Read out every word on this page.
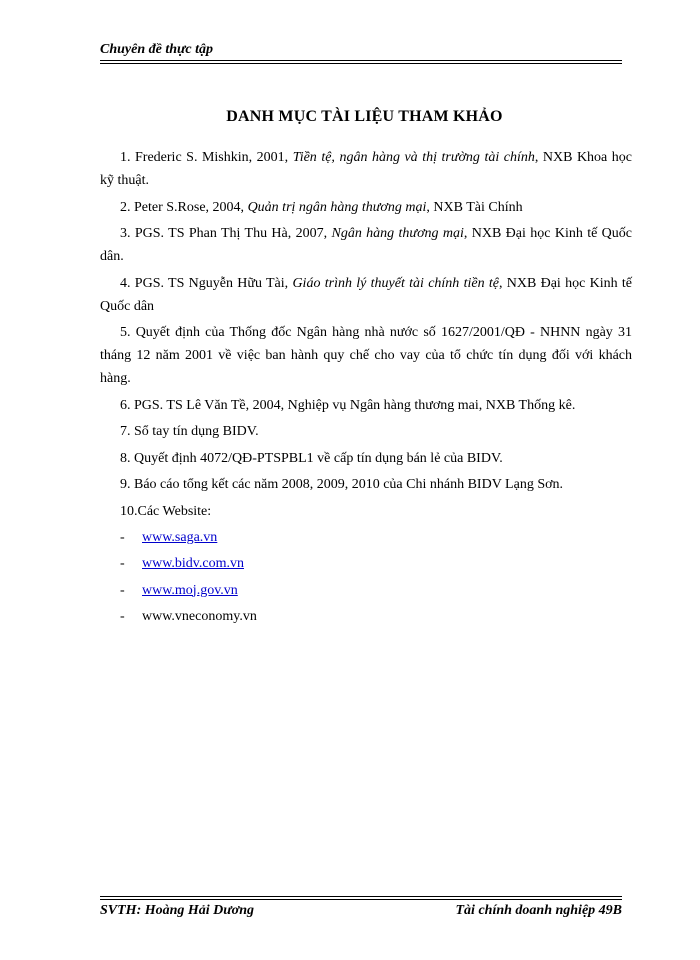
Chuyên đề thực tập
DANH MỤC TÀI LIỆU THAM KHẢO

1. Frederic S. Mishkin, 2001, Tiền tệ, ngân hàng và thị trường tài chính, NXB Khoa học kỹ thuật.

2. Peter S.Rose, 2004, Quản trị ngân hàng thương mại, NXB Tài Chính

3. PGS. TS Phan Thị Thu Hà, 2007, Ngân hàng thương mại, NXB Đại học Kinh tế Quốc dân.

4. PGS. TS Nguyễn Hữu Tài, Giáo trình lý thuyết tài chính tiền tệ, NXB Đại học Kinh tế Quốc dân

5. Quyết định của Thống đốc Ngân hàng nhà nước số 1627/2001/QĐ - NHNN ngày 31 tháng 12 năm 2001 về việc ban hành quy chế cho vay của tổ chức tín dụng đối với khách hàng.

6. PGS. TS Lê Văn Tề, 2004, Nghiệp vụ Ngân hàng thương mai, NXB Thống kê.

7. Sổ tay tín dụng BIDV.

8. Quyết định 4072/QĐ-PTSPBL1 về cấp tín dụng bán lẻ của BIDV.

9. Báo cáo tổng kết các năm 2008, 2009, 2010 của Chi nhánh BIDV Lạng Sơn.

10.Các Website:

- www.saga.vn

- www.bidv.com.vn

- www.moj.gov.vn

- www.vneconomy.vn

SVTH: Hoàng Hải Dương	Tài chính doanh nghiệp 49B
